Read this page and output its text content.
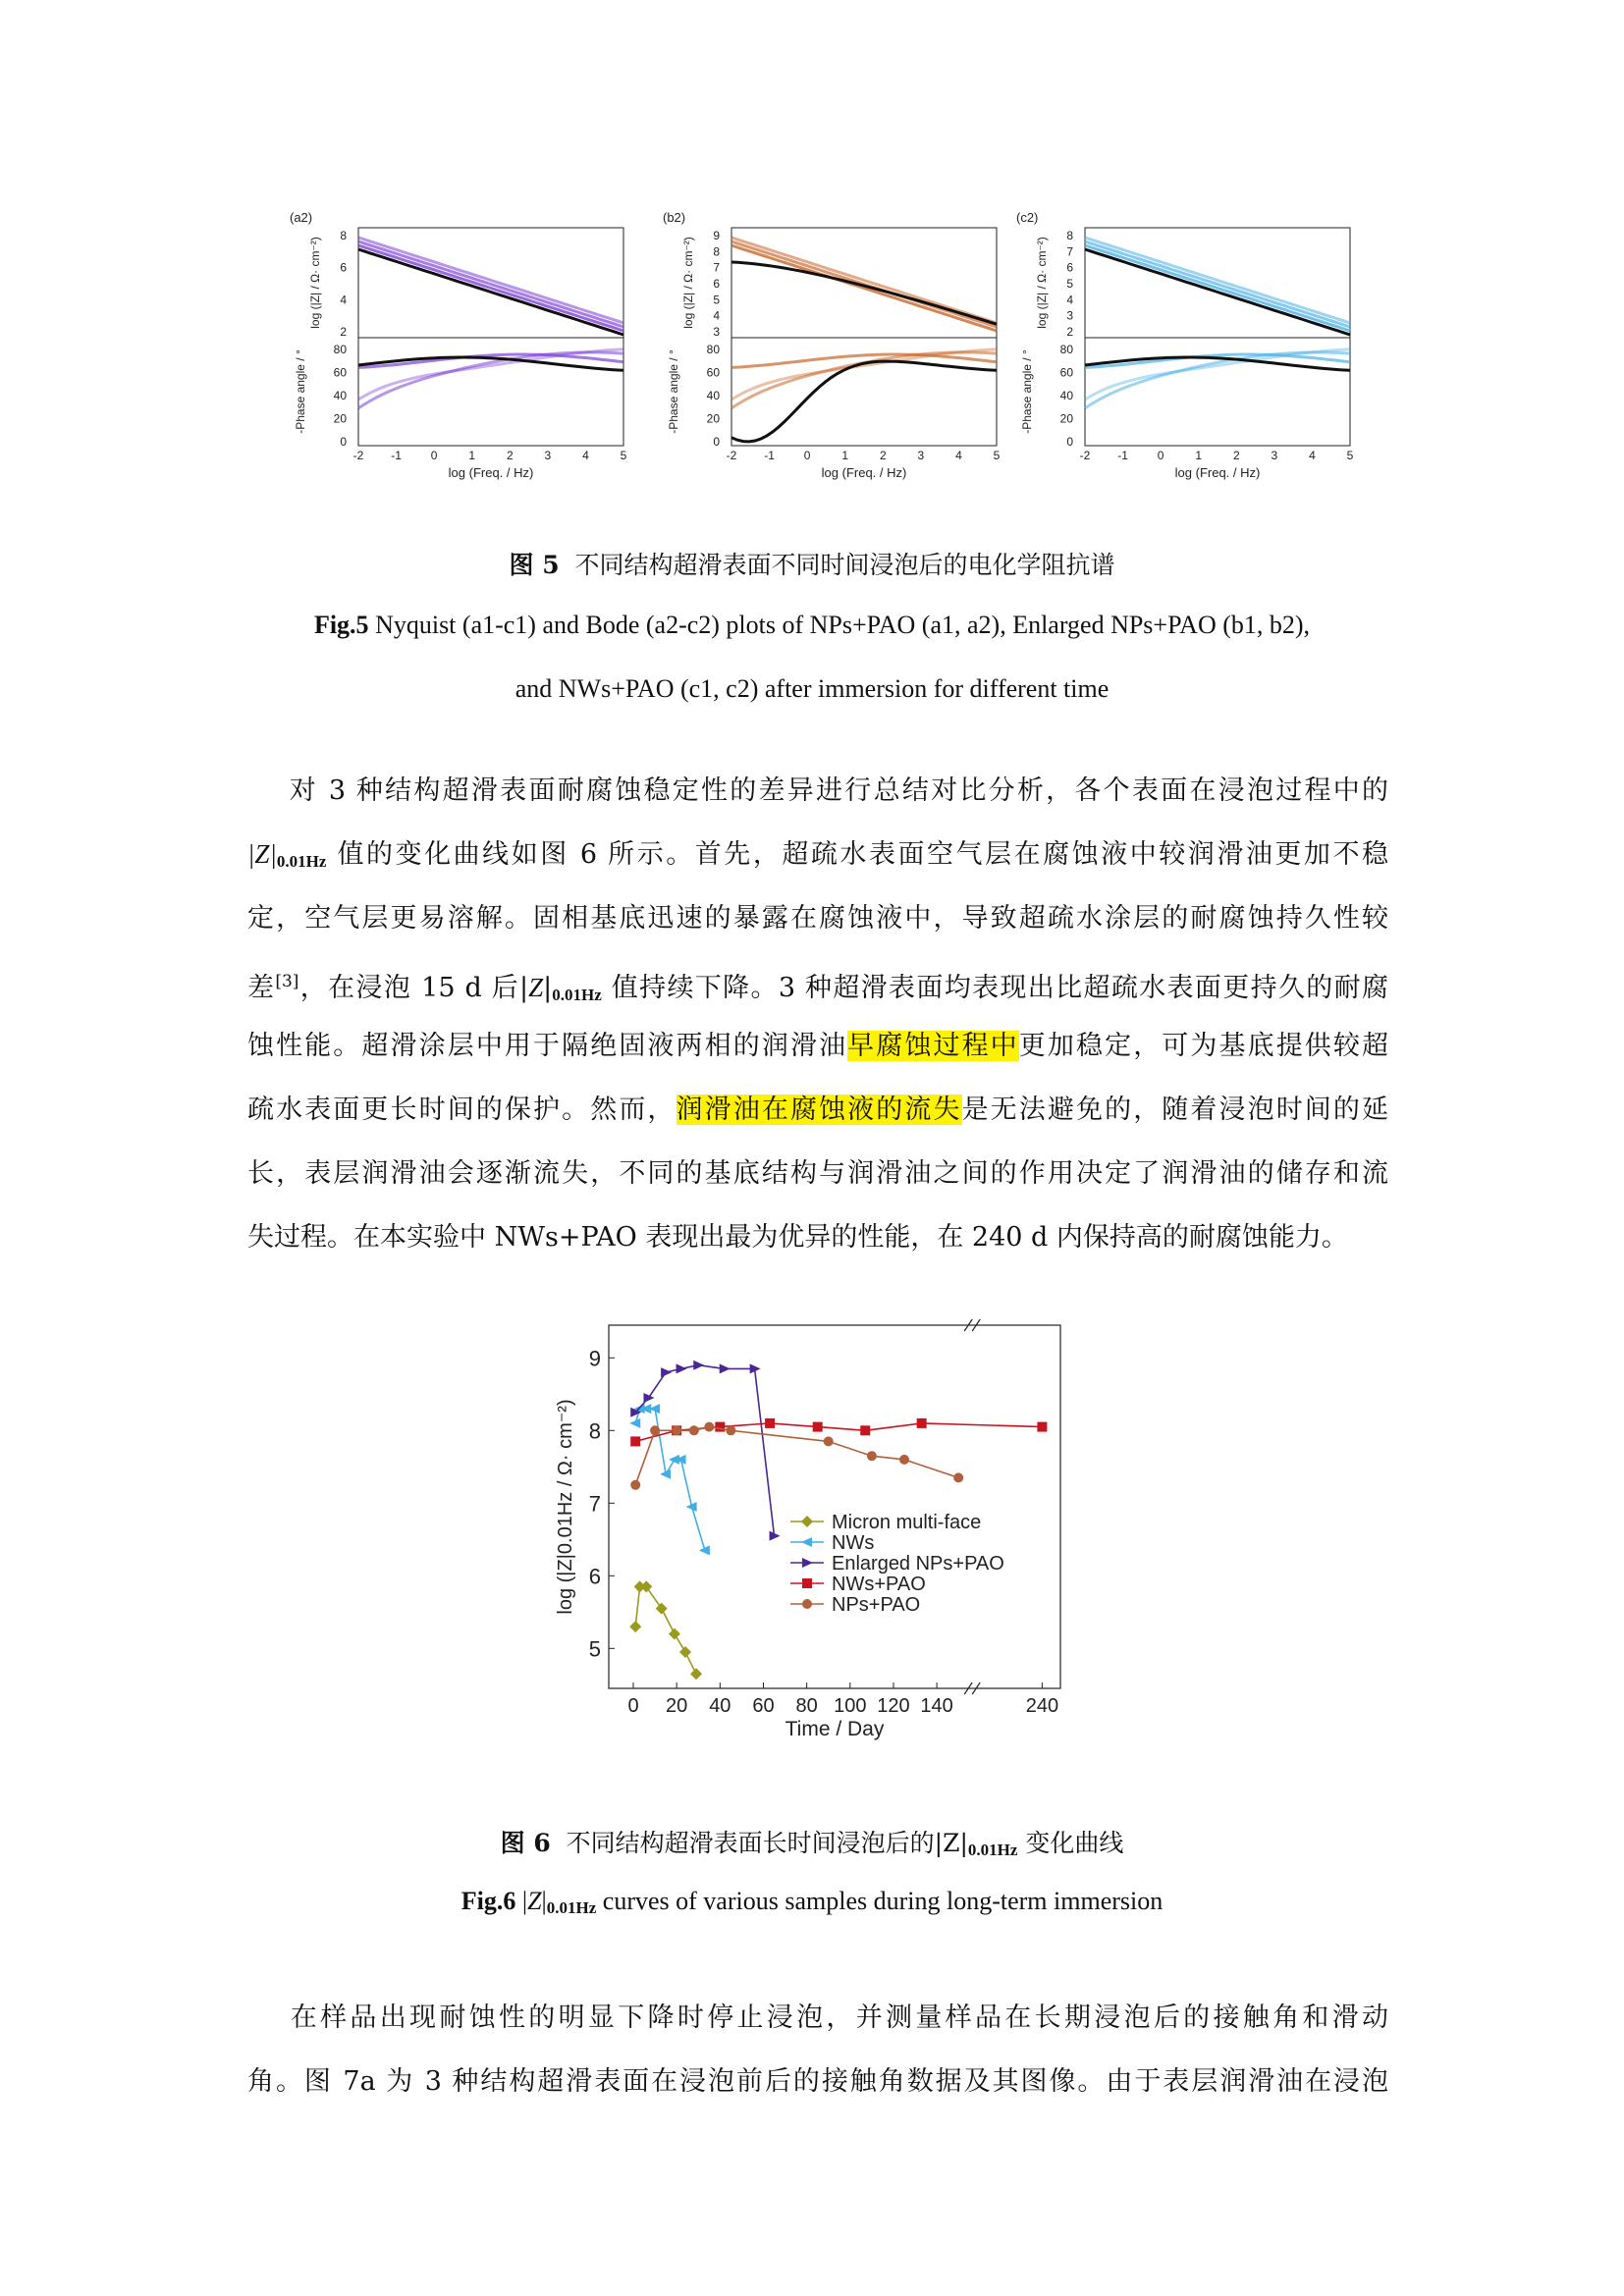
(a2)
8
6
4
2
80
60
40
20
0
-2 -1 0	1	2	3	4	5
log (Freq. / Hz)
log (|Z| / Ω· cm⁻²)
-Phase angle / °
(b2)
9
8
7
6
5
4
3
80
60
40
20
0
-2 -1 0	1	2	3	4	5
log (Freq. / Hz)
log (|Z| / Ω· cm⁻²)
-Phase angle / °
(c2)
8
7
6
5
4
3
2
80
60
40
20
0
-2 -1 0	1	2	3	4	5
log (Freq. / Hz)
log (|Z| / Ω· cm⁻²)
-Phase angle / °
图 5 不同结构超滑表面不同时间浸泡后的电化学阻抗谱
Fig.5 Nyquist (a1-c1) and Bode (a2-c2) plots of NPs+PAO (a1, a2), Enlarged NPs+PAO (b1, b2),
and NWs+PAO (c1, c2) after immersion for different time
  对 3 种结构超滑表面耐腐蚀稳定性的差异进行总结对比分析，各个表面在浸泡过程中的
$|Z|_{0.01Hz}$ 值的变化曲线如图 6 所示。首先，超疏水表面空气层在腐蚀液中较润滑油更加不稳
定，空气层更易溶解。固相基底迅速的暴露在腐蚀液中，导致超疏水涂层的耐腐蚀持久性较
差[3]，在浸泡 15 d 后$|Z|_{0.01Hz}$ 值持续下降。3 种超滑表面均表现出比超疏水表面更持久的耐腐
蚀性能。超滑涂层中用于隔绝固液两相的润滑油早腐蚀过程中更加稳定，可为基底提供较超
疏水表面更长时间的保护。然而，润滑油在腐蚀液的流失是无法避免的，随着浸泡时间的延
长，表层润滑油会逐渐流失，不同的基底结构与润滑油之间的作用决定了润滑油的储存和流
失过程。在本实验中 NWs+PAO 表现出最为优异的性能，在 240 d 内保持高的耐腐蚀能力。
9
8
7
6
5
0 20 40 60 80 100 120 140	240
Time / Day
log (|Z|0.01Hz / Ω· cm⁻²)	Micron multi-face
NWs
Enlarged NPs+PAO
NWs+PAO
NPs+PAO
图 6 不同结构超滑表面长时间浸泡后的$|Z|_{0.01Hz}$ 变化曲线
Fig.6 $|Z|_{0.01Hz}$ curves of various samples during long-term immersion
  在样品出现耐蚀性的明显下降时停止浸泡，并测量样品在长期浸泡后的接触角和滑动
角。图 7a 为 3 种结构超滑表面在浸泡前后的接触角数据及其图像。由于表层润滑油在浸泡
